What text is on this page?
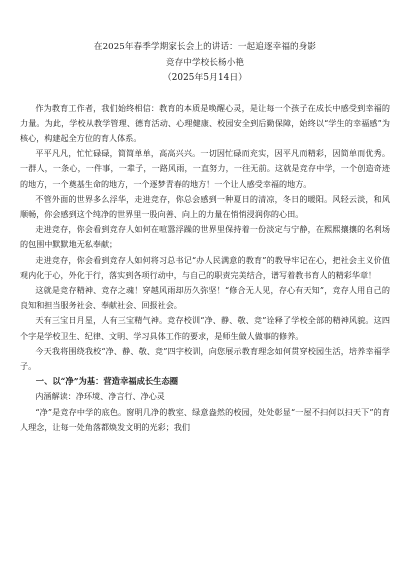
在2025年春季学期家长会上的讲话：一起追逐幸福的身影
竞存中学校长杨小艳
（2025年5月14日）

作为教育工作者，我们始终相信：教育的本质是唤醒心灵，是让每一个孩子在成长中感受到幸福的力量。为此，学校从教学管理、德育活动、心理健康、校园安全到后勤保障，始终以“学生的幸福感”为核心，构建起全方位的育人体系。

平平凡凡，忙忙碌碌，简简单单，高高兴兴。一切因忙碌而充实，因平凡而精彩，因简单而优秀。一群人，一条心，一件事，一辈子，一路风雨，一直努力，一往无前。这就是竞存中学，一个创造奇迹的地方，一个奠基生命的地方，一个逐梦青春的地方！一个让人感受幸福的地方。

不管外面的世界多么浮华，走进竞存，你总会感到一种夏日的清凉，冬日的暖阳。风轻云淡，和风顺畅，你会感到这个纯净的世界里一股向善、向上的力量在悄悄浸润你的心田。

走进竞存，你会看到竞存人如何在喧嚣浮躁的世界里保持着一份淡定与宁静，在熙熙攘攘的名利场的包围中默默地无私奉献；

走进竞存，你会看到竞存人如何将习总书记“办人民满意的教育”的教导牢记在心，把社会主义价值观内化于心，外化于行，落实到各项行动中，与自己的职责完美结合，谱写着教书育人的精彩华章！

这就是竞存精神、竞存之魂！穿越风雨却历久弥坚！“修合无人见，存心有天知”，竞存人用自己的良知和担当服务社会、奉献社会、回报社会。

天有三宝日月星，人有三宝精气神。竞存校训“净、静、敬、竞”诠释了学校全部的精神风貌。这四个字是学校卫生、纪律、文明、学习具体工作的要求，是师生做人做事的修养。

今天我将围绕我校“净、静、敬、竞”四字校训，向您展示教育理念如何贯穿校园生活，培养幸福学子。

一、以“净”为基：营造幸福成长生态圈

内涵解读：净环境、净言行、净心灵

“净”是竞存中学的底色。窗明几净的教室、绿意盎然的校园，处处彰显“一屋不扫何以扫天下”的育人理念，让每一处角落都焕发文明的光彩；我们
